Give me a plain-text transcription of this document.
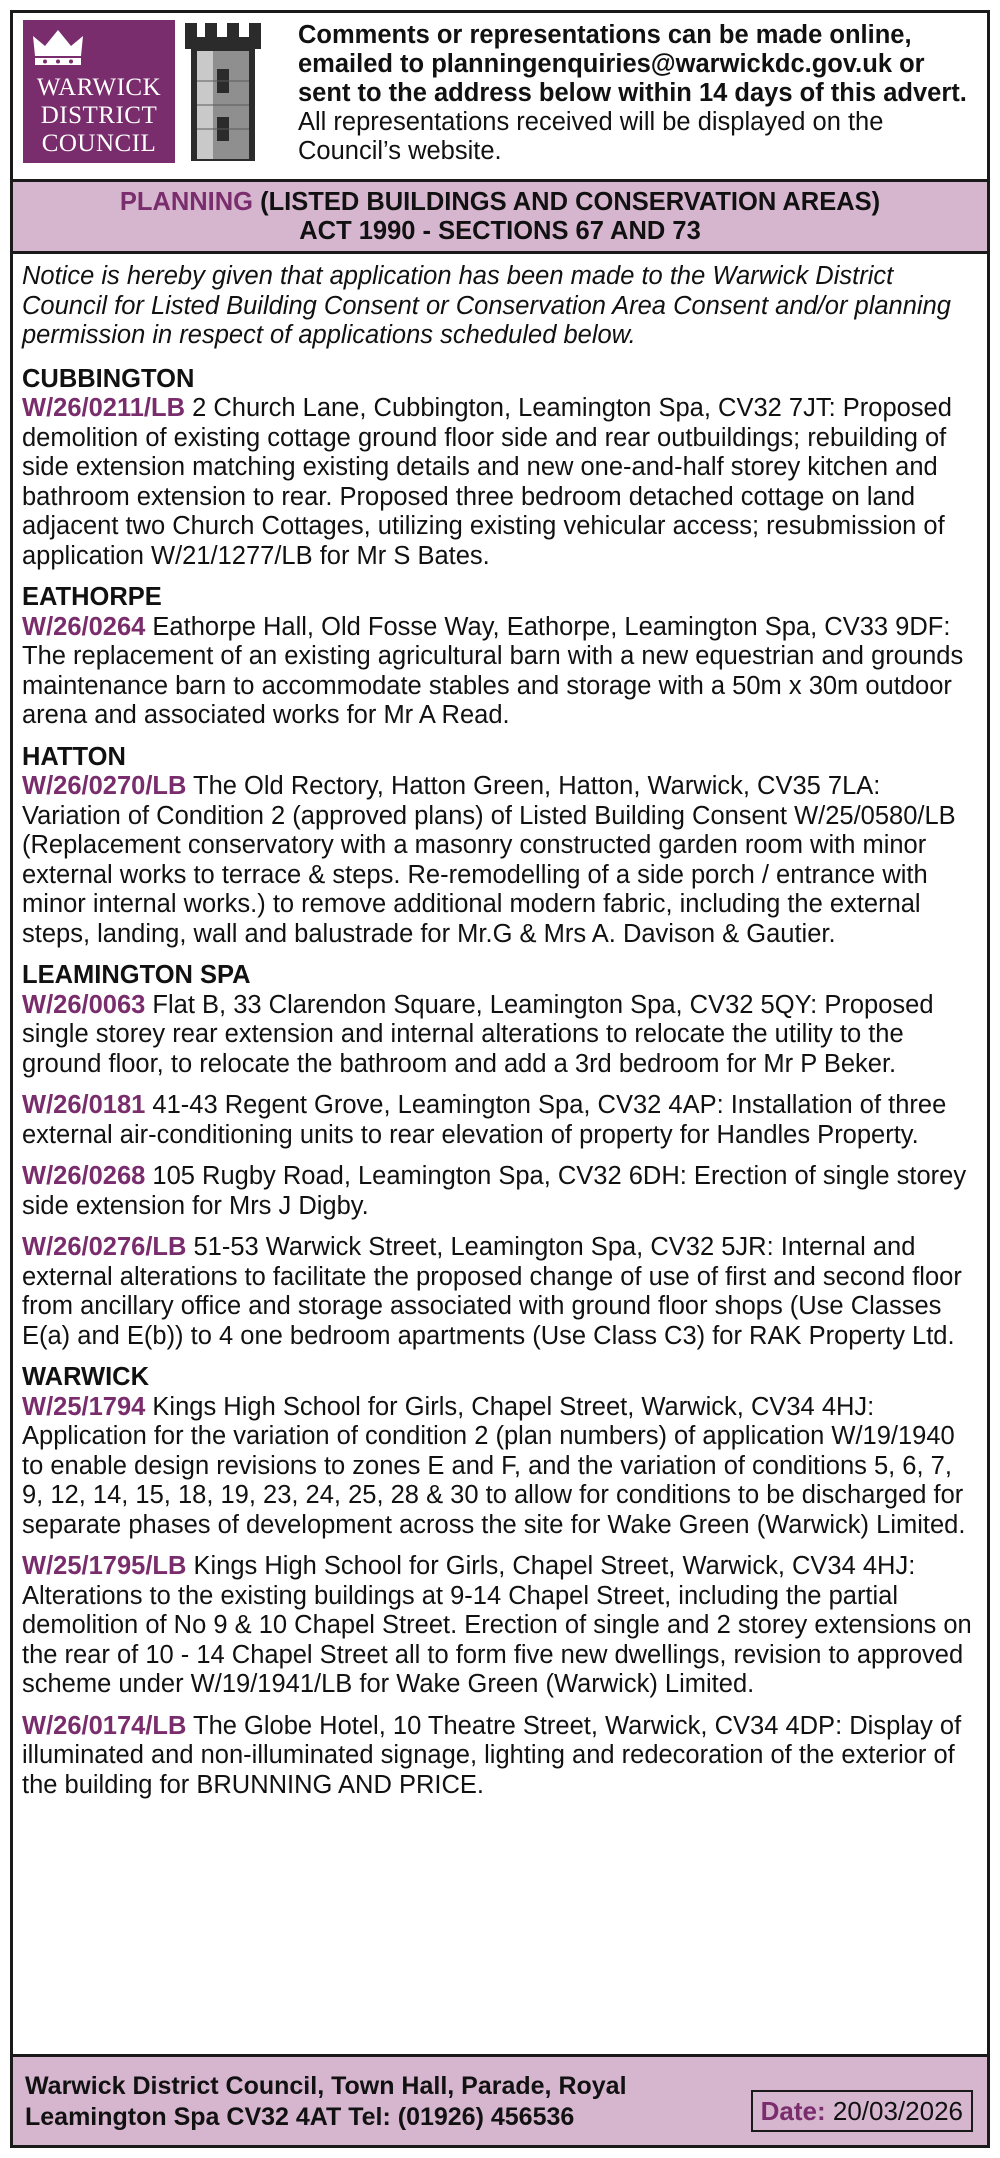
WARWICK
DISTRICT
COUNCIL
Comments or representations can be made online, emailed to planningenquiries@warwickdc.gov.uk or sent to the address below within 14 days of this advert. All representations received will be displayed on the Council’s website.
PLANNING (LISTED BUILDINGS AND CONSERVATION AREAS)
ACT 1990 - SECTIONS 67 AND 73

Notice is hereby given that application has been made to the Warwick District Council for Listed Building Consent or Conservation Area Consent and/or planning permission in respect of applications scheduled below.

CUBBINGTON

W/26/0211/LB 2 Church Lane, Cubbington, Leamington Spa, CV32 7JT: Proposed demolition of existing cottage ground floor side and rear outbuildings; rebuilding of side extension matching existing details and new one-and-half storey kitchen and bathroom extension to rear. Proposed three bedroom detached cottage on land adjacent two Church Cottages, utilizing existing vehicular access; resubmission of application W/21/1277/LB for Mr S Bates.

EATHORPE

W/26/0264 Eathorpe Hall, Old Fosse Way, Eathorpe, Leamington Spa, CV33 9DF: The replacement of an existing agricultural barn with a new equestrian and grounds maintenance barn to accommodate stables and storage with a 50m x 30m outdoor arena and associated works for Mr A Read.

HATTON

W/26/0270/LB The Old Rectory, Hatton Green, Hatton, Warwick, CV35 7LA: Variation of Condition 2 (approved plans) of Listed Building Consent W/25/0580/LB (Replacement conservatory with a masonry constructed garden room with minor external works to terrace & steps. Re-remodelling of a side porch / entrance with minor internal works.) to remove additional modern fabric, including the external steps, landing, wall and balustrade for Mr.G & Mrs A. Davison & Gautier.

LEAMINGTON SPA

W/26/0063 Flat B, 33 Clarendon Square, Leamington Spa, CV32 5QY: Proposed single storey rear extension and internal alterations to relocate the utility to the ground floor, to relocate the bathroom and add a 3rd bedroom for Mr P Beker.

W/26/0181 41-43 Regent Grove, Leamington Spa, CV32 4AP: Installation of three external air-conditioning units to rear elevation of property for Handles Property.

W/26/0268 105 Rugby Road, Leamington Spa, CV32 6DH: Erection of single storey side extension for Mrs J Digby.

W/26/0276/LB 51-53 Warwick Street, Leamington Spa, CV32 5JR: Internal and external alterations to facilitate the proposed change of use of first and second floor from ancillary office and storage associated with ground floor shops (Use Classes E(a) and E(b)) to 4 one bedroom apartments (Use Class C3) for RAK Property Ltd.

WARWICK

W/25/1794 Kings High School for Girls, Chapel Street, Warwick, CV34 4HJ: Application for the variation of condition 2 (plan numbers) of application W/19/1940 to enable design revisions to zones E and F, and the variation of conditions 5, 6, 7, 9, 12, 14, 15, 18, 19, 23, 24, 25, 28 & 30 to allow for conditions to be discharged for separate phases of development across the site for Wake Green (Warwick) Limited.

W/25/1795/LB Kings High School for Girls, Chapel Street, Warwick, CV34 4HJ: Alterations to the existing buildings at 9-14 Chapel Street, including the partial demolition of No 9 & 10 Chapel Street. Erection of single and 2 storey extensions on the rear of 10 - 14 Chapel Street all to form five new dwellings, revision to approved scheme under W/19/1941/LB for Wake Green (Warwick) Limited.

W/26/0174/LB The Globe Hotel, 10 Theatre Street, Warwick, CV34 4DP: Display of illuminated and non-illuminated signage, lighting and redecoration of the exterior of the building for BRUNNING AND PRICE.

Warwick District Council, Town Hall, Parade, Royal
Leamington Spa CV32 4AT Tel: (01926) 456536	Date: 20/03/2026
